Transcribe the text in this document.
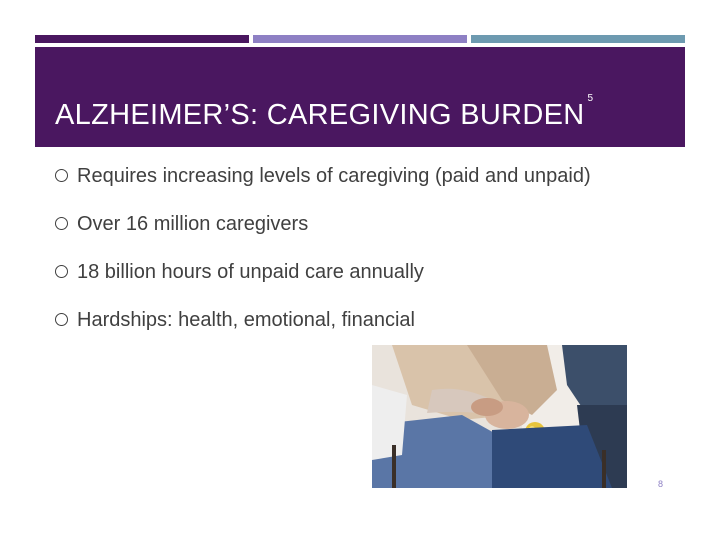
ALZHEIMER’S: CAREGIVING BURDEN$^5$
Requires increasing levels of caregiving (paid and unpaid)
Over 16 million caregivers
18 billion hours of unpaid care annually
Hardships: health, emotional, financial
8
